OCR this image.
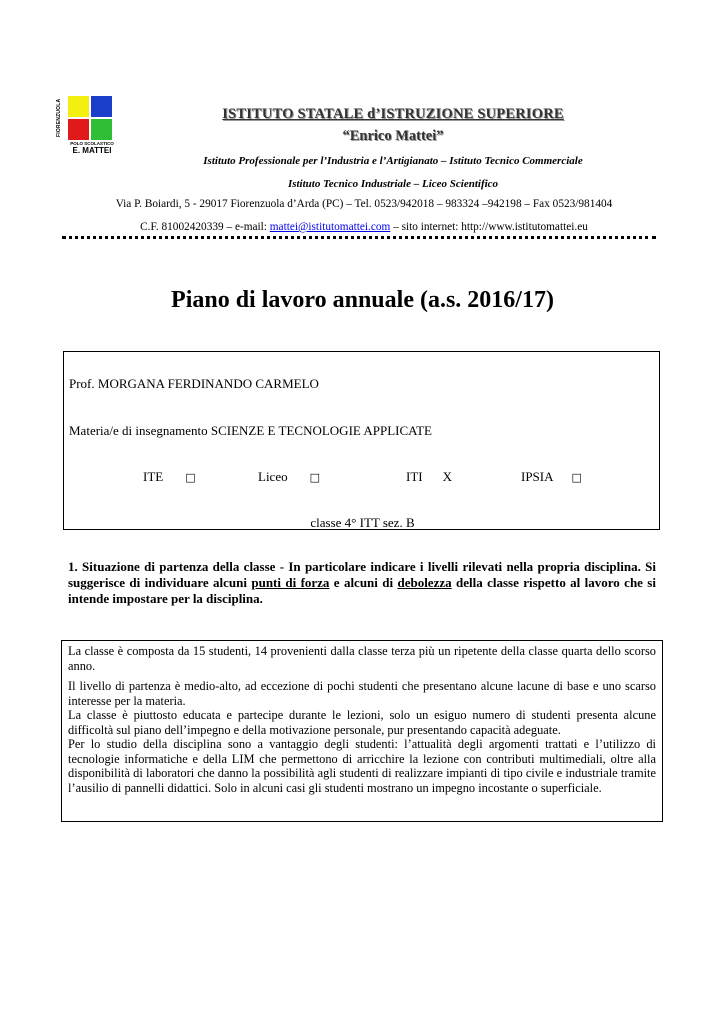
FIORENZUOLA
POLO SCOLASTICO
E. MATTEI
ISTITUTO STATALE d’ISTRUZIONE SUPERIORE
“Enrico Mattei”
Istituto Professionale per l’Industria e l’Artigianato – Istituto Tecnico Commerciale
Istituto Tecnico Industriale – Liceo Scientifico
Via P. Boiardi, 5 - 29017 Fiorenzuola d’Arda (PC) – Tel. 0523/942018 – 983324 –942198 – Fax 0523/981404
C.F. 81002420339 – e-mail: mattei@istitutomattei.com – sito internet: http://www.istitutomattei.eu
Piano di lavoro annuale (a.s. 2016/17)
Prof. MORGANA FERDINANDO CARMELO
Materia/e di insegnamento SCIENZE E TECNOLOGIE APPLICATE
ITE □	Liceo □	ITI X	IPSIA □
classe 4° ITT sez. B
1. Situazione di partenza della classe - In particolare indicare i livelli rilevati nella propria disciplina. Si suggerisce di individuare alcuni punti di forza e alcuni di debolezza della classe rispetto al lavoro che si intende impostare per la disciplina.

La classe è composta da 15 studenti, 14 provenienti dalla classe terza più un ripetente della classe quarta dello scorso anno.

Il livello di partenza è medio-alto, ad eccezione di pochi studenti che presentano alcune lacune di base e uno scarso interesse per la materia.

La classe è piuttosto educata e partecipe durante le lezioni, solo un esiguo numero di studenti presenta alcune difficoltà sul piano dell’impegno e della motivazione personale, pur presentando capacità adeguate.

Per lo studio della disciplina sono a vantaggio degli studenti: l’attualità degli argomenti trattati e l’utilizzo di tecnologie informatiche e della LIM che permettono di arricchire la lezione con contributi multimediali, oltre alla disponibilità di laboratori che danno la possibilità agli studenti di realizzare impianti di tipo civile e industriale tramite l’ausilio di pannelli didattici. Solo in alcuni casi gli studenti mostrano un impegno incostante o superficiale.
